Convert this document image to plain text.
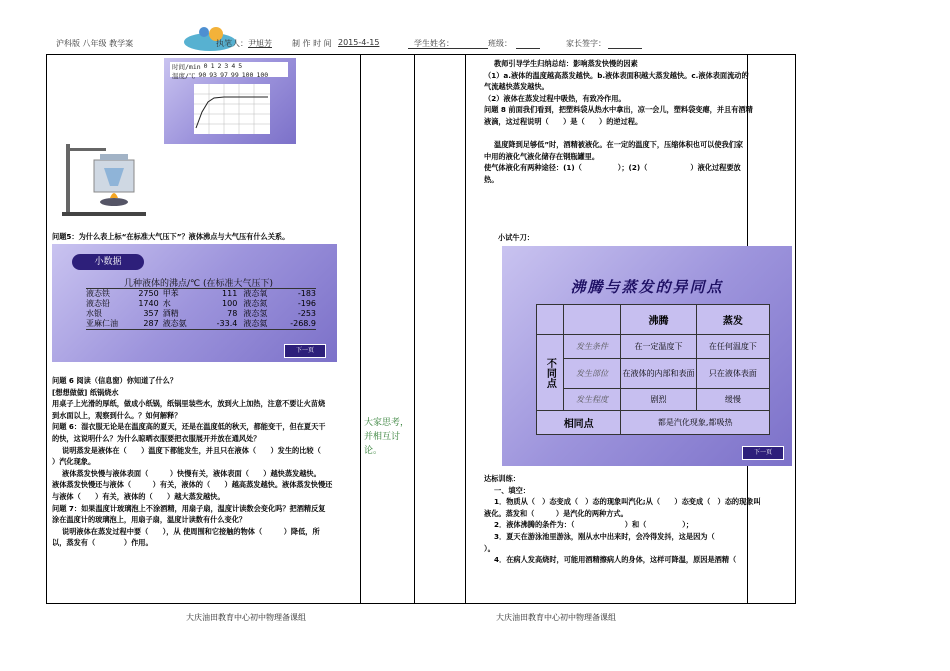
沪科版 八年级 教学案	执笔人： 尹旭芳	制 作 时 间 2015-4-15	学生姓名：	班级：	家长签字：
时间/min 0 1 2 3 4 5
温度/℃ 90 93 97 99 100 100

问题5：为什么表上标“在标准大气压下”？液体沸点与大气压有什么关系。

小数据
几种液体的沸点/℃ (在标准大气压下)
液态铁	2750 甲苯	111 液态氧	-183
液态铅	1740 水	100 液态氮	-196
水银	357 酒精	78 液态氢	-253
亚麻仁油	287 液态氨	-33.4 液态氦	-268.9
下一页

问题 6 阅读（信息窗）你知道了什么？

[想想做做] 纸锅烧水

用桌子上光滑的厚纸，做成小纸锅，纸锅里装些水，放到火上加热，注意不要让火苗烧

到水面以上，观察到什么。？如何解释？

问题 6：湿衣服无论是在温度高的夏天，还是在温度低的秋天，都能变干，但在夏天干

的快，这说明什么？为什么晾晒衣服要把衣服展开并放在通风处？

说明蒸发是液体在（　　）温度下都能发生，并且只在液体（　　）发生的比较（

）汽化现象。

液体蒸发快慢与液体表面（　　　）快慢有关，液体表面（　　）越快蒸发越快。

液体蒸发快慢还与液体（　　　）有关，液体的（　　）越高蒸发越快。液体蒸发快慢还

与液体（　　）有关，液体的（　　）越大蒸发越快。

问题 7：如果温度计玻璃泡上不涂酒精，用扇子扇，温度计读数会变化吗？把酒精反复

涂在温度计的玻璃泡上，用扇子扇，温度计读数有什么变化？

说明液体在蒸发过程中要（　　），从 使周围和它接触的物体（　　　）降低，所

以，蒸发有（　　　　）作用。

大家思考，并相互讨论。

教师引导学生归纳总结：影响蒸发快慢的因素

（1）a.液体的温度越高蒸发越快。b.液体表面积越大蒸发越快。c.液体表面流动的

气流越快蒸发越快。

（2）液体在蒸发过程中吸热，有致冷作用。

问题 8 前面我们看到，把塑料袋从热水中拿出，凉一会儿，塑料袋变瘪，并且有酒精

液滴，这过程说明（　　）是（　　）的逆过程。

温度降到足够低”时，酒精被液化。在一定的温度下，压缩体积也可以使我们家

中用的液化气液化储存在钢瓶罐里。

使气体液化有两种途径：(1)（　　　　　）；(2)（　　　　　　）液化过程要放

热。

小试牛刀：
沸腾与蒸发的异同点
		沸腾	蒸发
不同点	发生条件	在一定温度下	在任何温度下
	发生部位	在液体的内部和表面	只在液体表面
	发生程度	剧烈	缓慢
相同点		都是汽化现象,都吸热	
下一页

达标训练：

一、填空：

1．物质从（　）态变成（　）态的现象叫汽化;从（　　）态变成（　）态的现象叫

液化。蒸发和（　　　）是汽化的两种方式。

2．液体沸腾的条件为：（　　　　　　　）和（　　　　　）；

3．夏天在游泳池里游泳，刚从水中出来时，会冷得发抖，这是因为（

）。

4．在病人发高烧时，可能用酒精擦病人的身体，这样可降温，原因是酒精（

大庆油田教育中心初中物理备课组	大庆油田教育中心初中物理备课组
